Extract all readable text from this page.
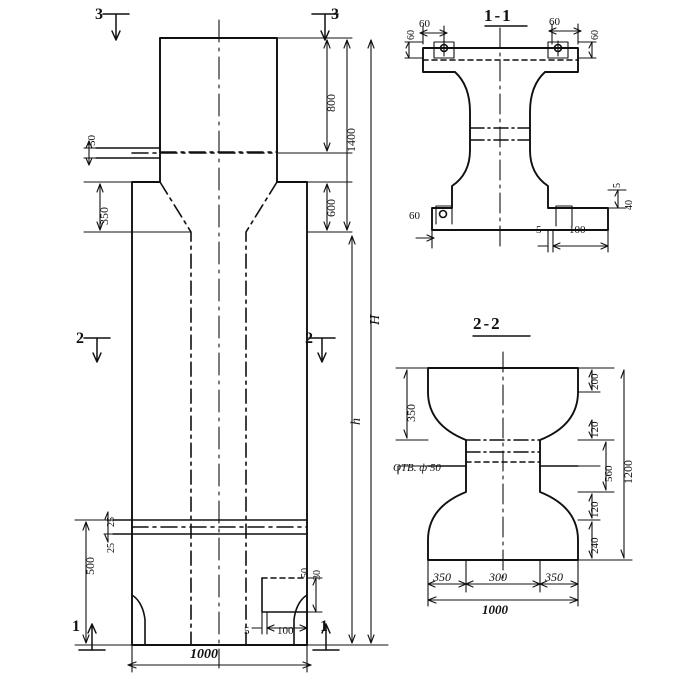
1-1
2-2
3	3
2	2
1	1
800
1400
600
H
h
50
350
500
25
25
1000
5	100
30
50
60
60
60
60
60
5	100
5
40
350
200
120
560
120
240
1200
OTB. ф 50
350	300	350
1000
